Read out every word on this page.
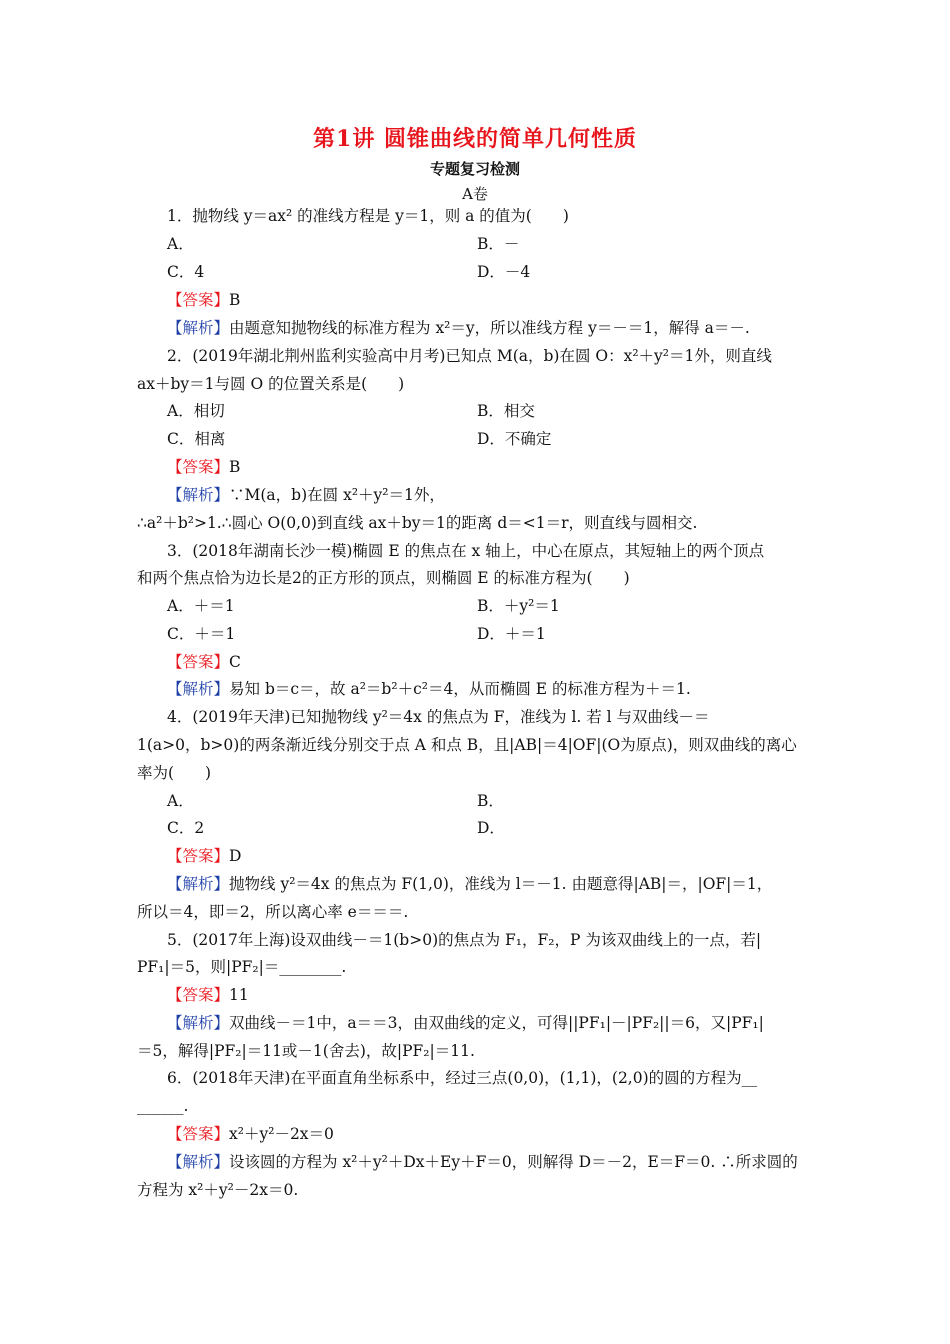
第1讲 圆锥曲线的简单几何性质
专题复习检测
A卷
1．抛物线 y＝ax² 的准线方程是 y＝1，则 a 的值为(　　)
A．	B．－
C．4	D．－4
【答案】B
【解析】由题意知抛物线的标准方程为 x²＝y，所以准线方程 y＝－＝1，解得 a＝－.
2．(2019年湖北荆州监利实验高中月考)已知点 M(a，b)在圆 O：x²＋y²＝1外，则直线
ax＋by＝1与圆 O 的位置关系是(　　)
A．相切	B．相交
C．相离	D．不确定
【答案】B
【解析】∵M(a，b)在圆 x²＋y²＝1外，
∴a²＋b²>1.∴圆心 O(0,0)到直线 ax＋by＝1的距离 d＝<1＝r，则直线与圆相交.
3．(2018年湖南长沙一模)椭圆 E 的焦点在 x 轴上，中心在原点，其短轴上的两个顶点
和两个焦点恰为边长是2的正方形的顶点，则椭圆 E 的标准方程为(　　)
A．＋＝1	B．＋y²＝1
C．＋＝1	D．＋＝1
【答案】C
【解析】易知 b＝c＝，故 a²＝b²＋c²＝4，从而椭圆 E 的标准方程为＋＝1.
4．(2019年天津)已知抛物线 y²＝4x 的焦点为 F，准线为 l. 若 l 与双曲线－＝
1(a>0，b>0)的两条渐近线分别交于点 A 和点 B，且|AB|＝4|OF|(O为原点)，则双曲线的离心
率为(　　)
A．	B．
C．2	D．
【答案】D
【解析】抛物线 y²＝4x 的焦点为 F(1,0)，准线为 l＝－1. 由题意得|AB|＝，|OF|＝1，
所以＝4，即＝2，所以离心率 e＝＝＝.
5．(2017年上海)设双曲线－＝1(b>0)的焦点为 F₁，F₂，P 为该双曲线上的一点，若|
PF₁|＝5，则|PF₂|＝________.
【答案】11
【解析】双曲线－＝1中，a＝＝3，由双曲线的定义，可得||PF₁|－|PF₂||＝6，又|PF₁|
＝5，解得|PF₂|＝11或－1(舍去)，故|PF₂|＝11.
6．(2018年天津)在平面直角坐标系中，经过三点(0,0)，(1,1)，(2,0)的圆的方程为__
______.
【答案】x²＋y²－2x＝0
【解析】设该圆的方程为 x²＋y²＋Dx＋Ey＋F＝0，则解得 D＝－2，E＝F＝0. ∴所求圆的
方程为 x²＋y²－2x＝0.
